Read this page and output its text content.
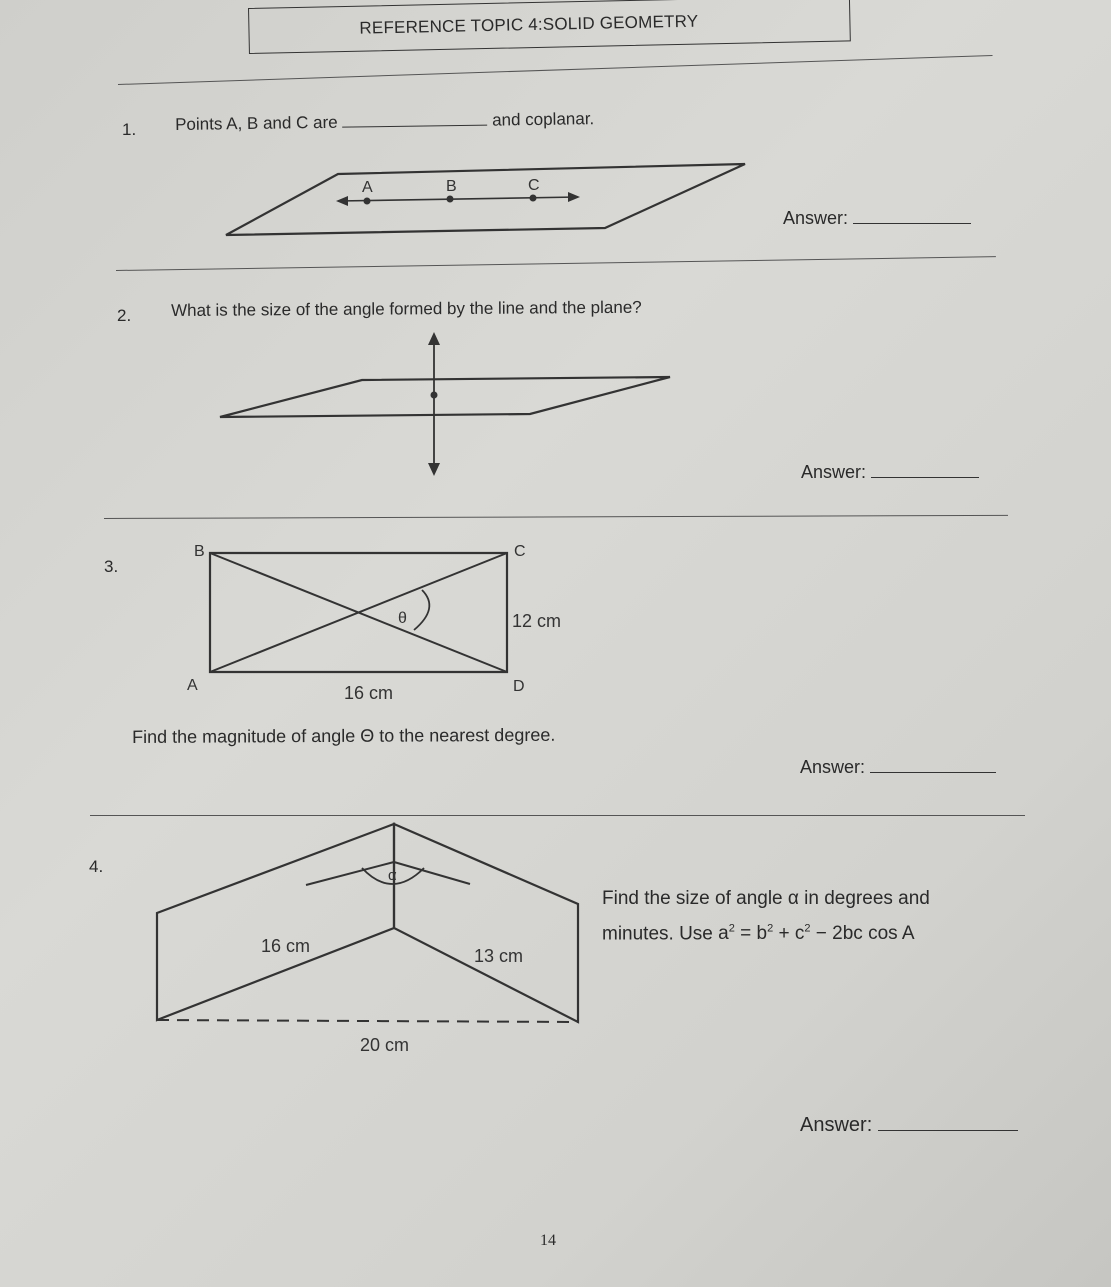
REFERENCE TOPIC 4:
SOLID GEOMETRY
1. Points A, B and C are	and coplanar.
A	B	C
Answer:
2. What is the size of the angle formed by the line and the plane?
Answer:
3.
θ
B	C
A	D
12 cm
16 cm
Find the magnitude of angle Θ to the nearest degree.
Answer:
4.	α
16 cm	13 cm
20 cm
Find the size of angle α in degrees and
minutes. Use $a^2 = b^2 + c^2 - 2bc$ cos A
Answer:
14
